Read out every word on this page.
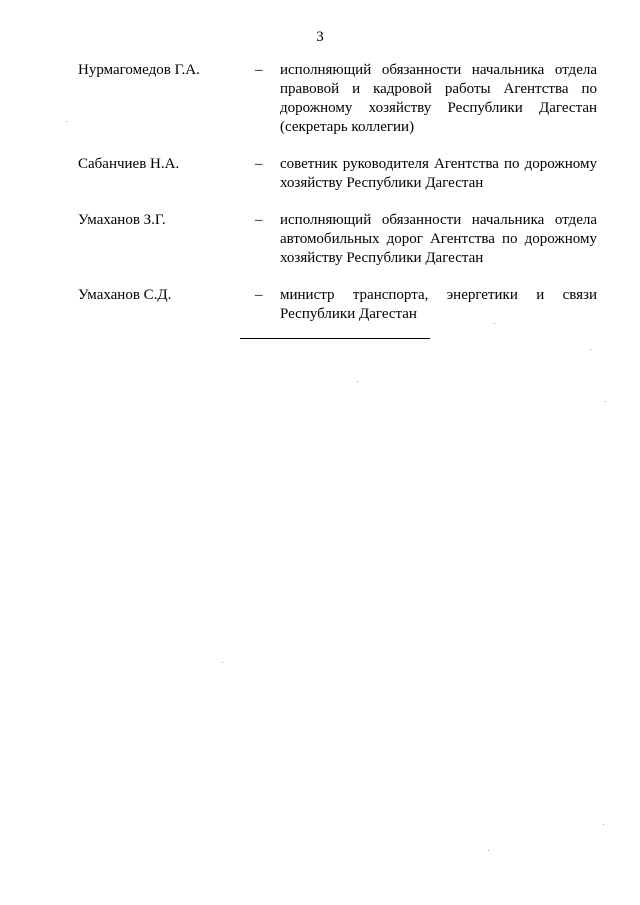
3
Нурмагомедов Г.А.	– исполняющий обязанности начальника отдела правовой и кадровой работы Агентства по дорожному хозяйству Республики Дагестан (секретарь коллегии)
Сабанчиев Н.А.	– советник руководителя Агентства по дорожному хозяйству Республики Дагестан
Умаханов З.Г.	– исполняющий обязанности начальника отдела автомобильных дорог Агентства по дорожному хозяйству Республики Дагестан
Умаханов С.Д.	– министр транспорта, энергетики и связи Республики Дагестан
